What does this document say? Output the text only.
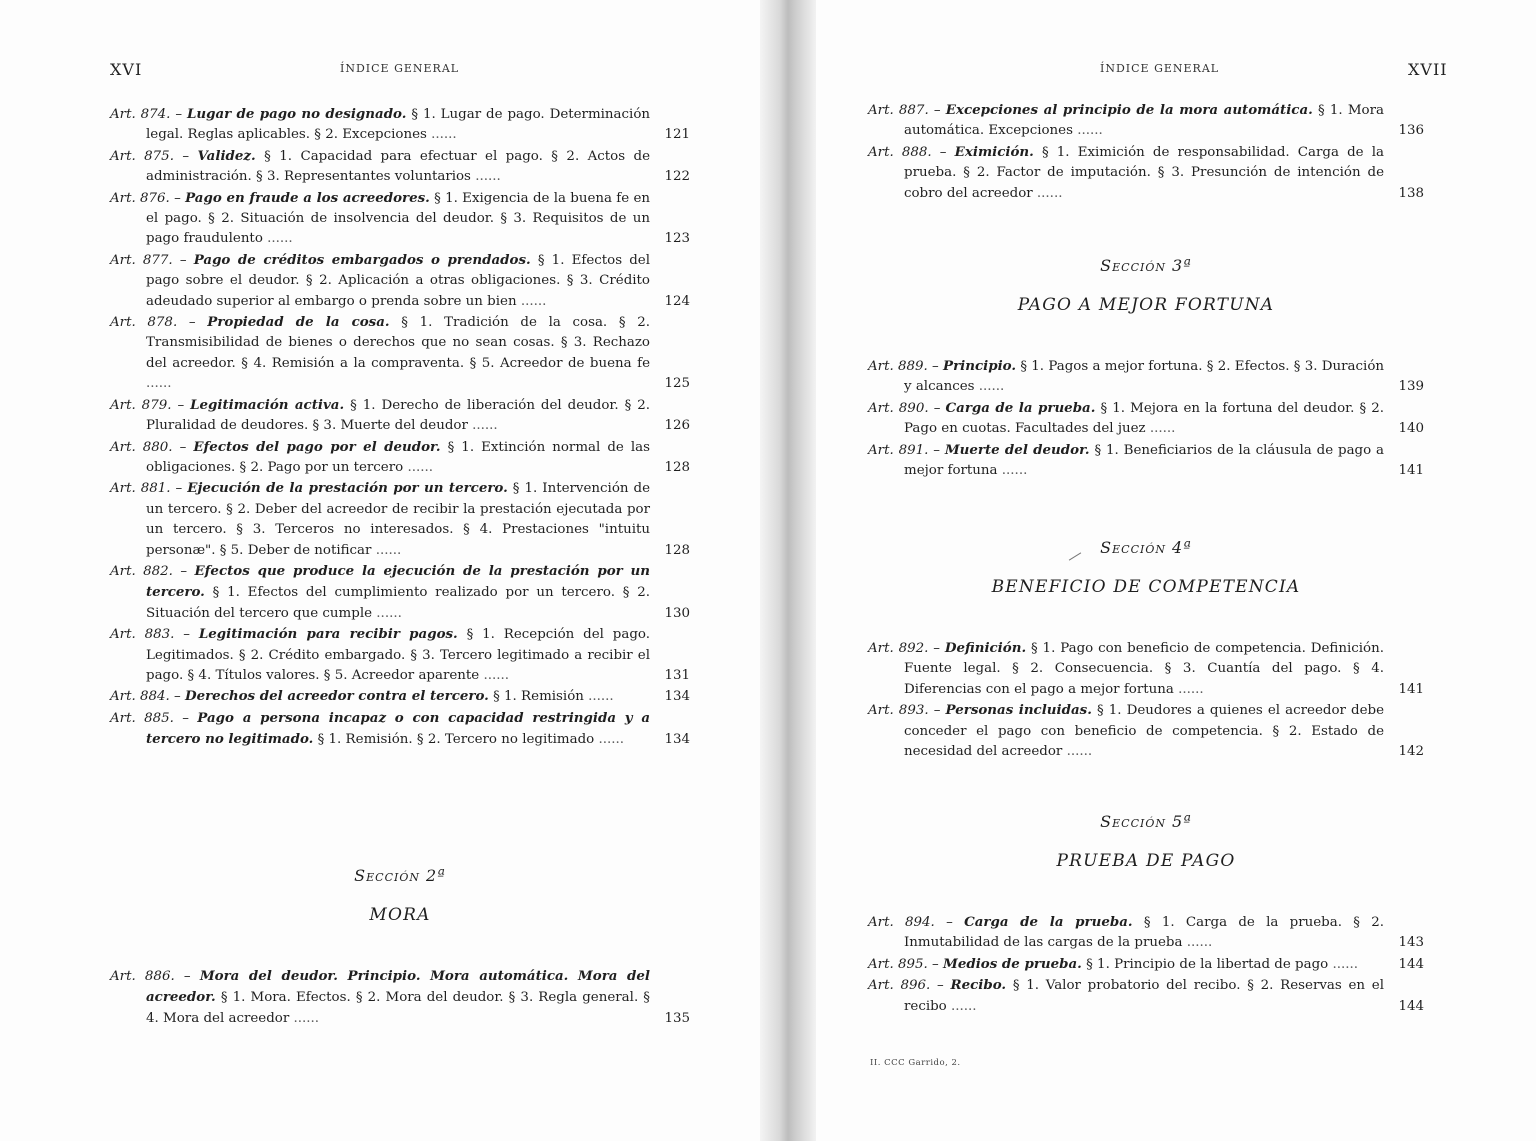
XVI	ÍNDICE GENERAL
Art. 874. – Lugar de pago no designado. § 1. Lugar de pago. Determinación legal. Reglas aplicables. § 2. Excepciones ......	121
Art. 875. – Validez. § 1. Capacidad para efectuar el pago. § 2. Actos de administración. § 3. Representantes voluntarios ......	122
Art. 876. – Pago en fraude a los acreedores. § 1. Exigencia de la buena fe en el pago. § 2. Situación de insolvencia del deudor. § 3. Requisitos de un pago fraudulento ......	123
Art. 877. – Pago de créditos embargados o prendados. § 1. Efectos del pago sobre el deudor. § 2. Aplicación a otras obligaciones. § 3. Crédito adeudado superior al embargo o prenda sobre un bien ......	124
Art. 878. – Propiedad de la cosa. § 1. Tradición de la cosa. § 2. Transmisibilidad de bienes o derechos que no sean cosas. § 3. Rechazo del acreedor. § 4. Remisión a la compraventa. § 5. Acreedor de buena fe ......	125
Art. 879. – Legitimación activa. § 1. Derecho de liberación del deudor. § 2. Pluralidad de deudores. § 3. Muerte del deudor ......	126
Art. 880. – Efectos del pago por el deudor. § 1. Extinción normal de las obligaciones. § 2. Pago por un tercero ......	128
Art. 881. – Ejecución de la prestación por un tercero. § 1. Intervención de un tercero. § 2. Deber del acreedor de recibir la prestación ejecutada por un tercero. § 3. Terceros no interesados. § 4. Prestaciones "intuitu personæ". § 5. Deber de notificar ......	128
Art. 882. – Efectos que produce la ejecución de la prestación por un tercero. § 1. Efectos del cumplimiento realizado por un tercero. § 2. Situación del tercero que cumple ......	130
Art. 883. – Legitimación para recibir pagos. § 1. Recepción del pago. Legitimados. § 2. Crédito embargado. § 3. Tercero legitimado a recibir el pago. § 4. Títulos valores. § 5. Acreedor aparente ......	131
Art. 884. – Derechos del acreedor contra el tercero. § 1. Remisión ......	134
Art. 885. – Pago a persona incapaz o con capacidad restringida y a tercero no legitimado. § 1. Remisión. § 2. Tercero no legitimado ......	134
Sección 2ª
MORA
Art. 886. – Mora del deudor. Principio. Mora automática. Mora del acreedor. § 1. Mora. Efectos. § 2. Mora del deudor. § 3. Regla general. § 4. Mora del acreedor ......	135
ÍNDICE GENERAL	XVII
Art. 887. – Excepciones al principio de la mora automática. § 1. Mora automática. Excepciones ......	136
Art. 888. – Eximición. § 1. Eximición de responsabilidad. Carga de la prueba. § 2. Factor de imputación. § 3. Presunción de intención de cobro del acreedor ......	138
Sección 3ª
PAGO A MEJOR FORTUNA
Art. 889. – Principio. § 1. Pagos a mejor fortuna. § 2. Efectos. § 3. Duración y alcances ......	139
Art. 890. – Carga de la prueba. § 1. Mejora en la fortuna del deudor. § 2. Pago en cuotas. Facultades del juez ......	140
Art. 891. – Muerte del deudor. § 1. Beneficiarios de la cláusula de pago a mejor fortuna ......	141
Sección 4ª
BENEFICIO DE COMPETENCIA
Art. 892. – Definición. § 1. Pago con beneficio de competencia. Definición. Fuente legal. § 2. Consecuencia. § 3. Cuantía del pago. § 4. Diferencias con el pago a mejor fortuna ......	141
Art. 893. – Personas incluidas. § 1. Deudores a quienes el acreedor debe conceder el pago con beneficio de competencia. § 2. Estado de necesidad del acreedor ......	142
Sección 5ª
PRUEBA DE PAGO
Art. 894. – Carga de la prueba. § 1. Carga de la prueba. § 2. Inmutabilidad de las cargas de la prueba ......	143
Art. 895. – Medios de prueba. § 1. Principio de la libertad de pago ......	144
Art. 896. – Recibo. § 1. Valor probatorio del recibo. § 2. Reservas en el recibo ......	144
II. CCC Garrido, 2.
